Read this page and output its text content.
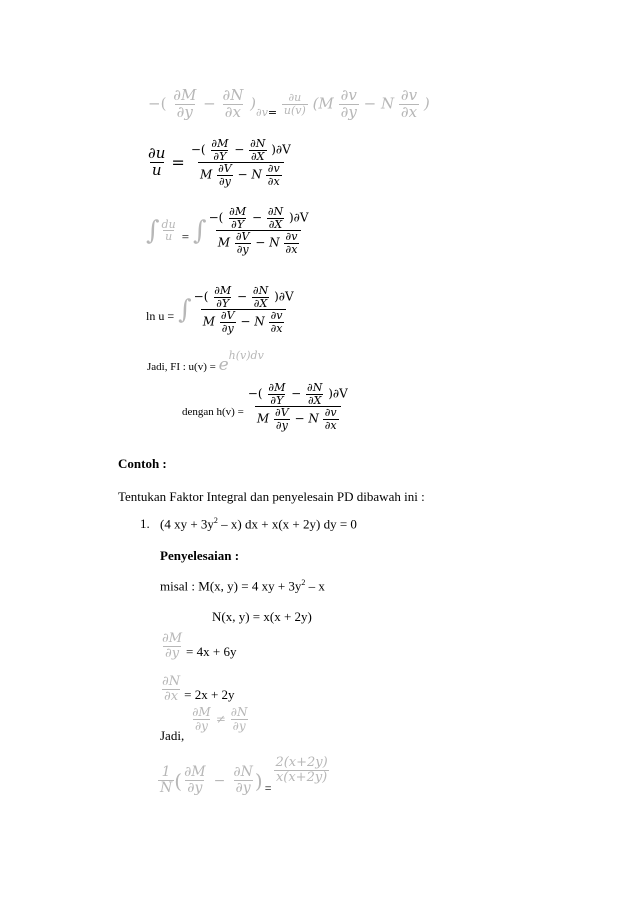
−( $\frac{\partial M}{\partial y} - \frac{\partial N}{\partial x} )_{\partial v=} \frac{\partial u}{u(v)} (M \frac{\partial v}{\partial y} - N \frac{\partial v}{\partial x}$ )
$\frac{\partial u}{u} = \frac{-( \frac{\partial M}{\partial Y} - \frac{\partial N}{\partial X} )\partial V}{M \frac{\partial V}{\partial y} - N \frac{\partial v}{\partial x}}$
∫ $\frac{du}{u}$ = ∫ $\frac{-( \frac{\partial M}{\partial Y} - \frac{\partial N}{\partial X} )\partial V}{M \frac{\partial V}{\partial y} - N \frac{\partial v}{\partial x}}$
ln u = ∫ $\frac{-( \frac{\partial M}{\partial Y} - \frac{\partial N}{\partial X} )\partial V}{M \frac{\partial V}{\partial y} - N \frac{\partial v}{\partial x}}$
Jadi, FI : $u(v) = e^{h(v)dv}$
dengan $h(v) = \frac{-( \frac{\partial M}{\partial Y} - \frac{\partial N}{\partial X} )\partial V}{M \frac{\partial V}{\partial y} - N \frac{\partial v}{\partial x}}$
Contoh :
Tentukan Faktor Integral dan penyelesain PD dibawah ini :
1. (4 xy + $3y^2 - x$) dx + x(x + 2y) dy = 0
Penyelesaian :
misal : M(x, y) = 4 xy + $3y^2$ – x
N(x, y) = x(x + 2y)
$\frac{\partial M}{\partial y} = 4x + 6y$
$\frac{\partial N}{\partial x} = 2x + 2y$
Jadi,
$\frac{\partial M}{\partial y} \ne \frac{\partial N}{\partial y}$
$\frac{1}{N}$ ( $\frac{\partial M}{\partial y} - \frac{\partial N}{\partial y}$ ) =
$\frac{2(x+2y)}{x(x+2y)}$
